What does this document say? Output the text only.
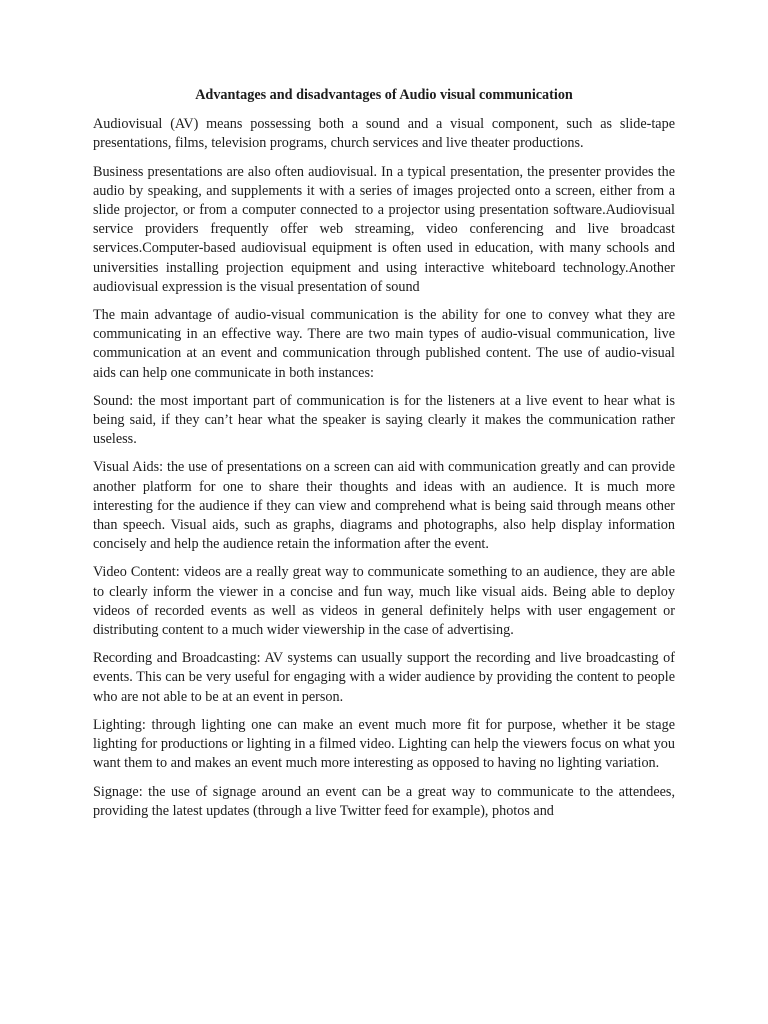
Advantages and disadvantages of Audio visual communication

Audiovisual (AV) means possessing both a sound and a visual component, such as slide-tape presentations, films, television programs, church services and live theater productions.

Business presentations are also often audiovisual. In a typical presentation, the presenter provides the audio by speaking, and supplements it with a series of images projected onto a screen, either from a slide projector, or from a computer connected to a projector using presentation software.Audiovisual service providers frequently offer web streaming, video conferencing and live broadcast services.Computer-based audiovisual equipment is often used in education, with many schools and universities installing projection equipment and using interactive whiteboard technology.Another audiovisual expression is the visual presentation of sound

The main advantage of audio-visual communication is the ability for one to convey what they are communicating in an effective way. There are two main types of audio-visual communication, live communication at an event and communication through published content. The use of audio-visual aids can help one communicate in both instances:

Sound: the most important part of communication is for the listeners at a live event to hear what is being said, if they can’t hear what the speaker is saying clearly it makes the communication rather useless.

Visual Aids: the use of presentations on a screen can aid with communication greatly and can provide another platform for one to share their thoughts and ideas with an audience. It is much more interesting for the audience if they can view and comprehend what is being said through means other than speech. Visual aids, such as graphs, diagrams and photographs, also help display information concisely and help the audience retain the information after the event.

Video Content: videos are a really great way to communicate something to an audience, they are able to clearly inform the viewer in a concise and fun way, much like visual aids. Being able to deploy videos of recorded events as well as videos in general definitely helps with user engagement or distributing content to a much wider viewership in the case of advertising.

Recording and Broadcasting: AV systems can usually support the recording and live broadcasting of events. This can be very useful for engaging with a wider audience by providing the content to people who are not able to be at an event in person.

Lighting: through lighting one can make an event much more fit for purpose, whether it be stage lighting for productions or lighting in a filmed video. Lighting can help the viewers focus on what you want them to and makes an event much more interesting as opposed to having no lighting variation.

Signage: the use of signage around an event can be a great way to communicate to the attendees, providing the latest updates (through a live Twitter feed for example), photos and
